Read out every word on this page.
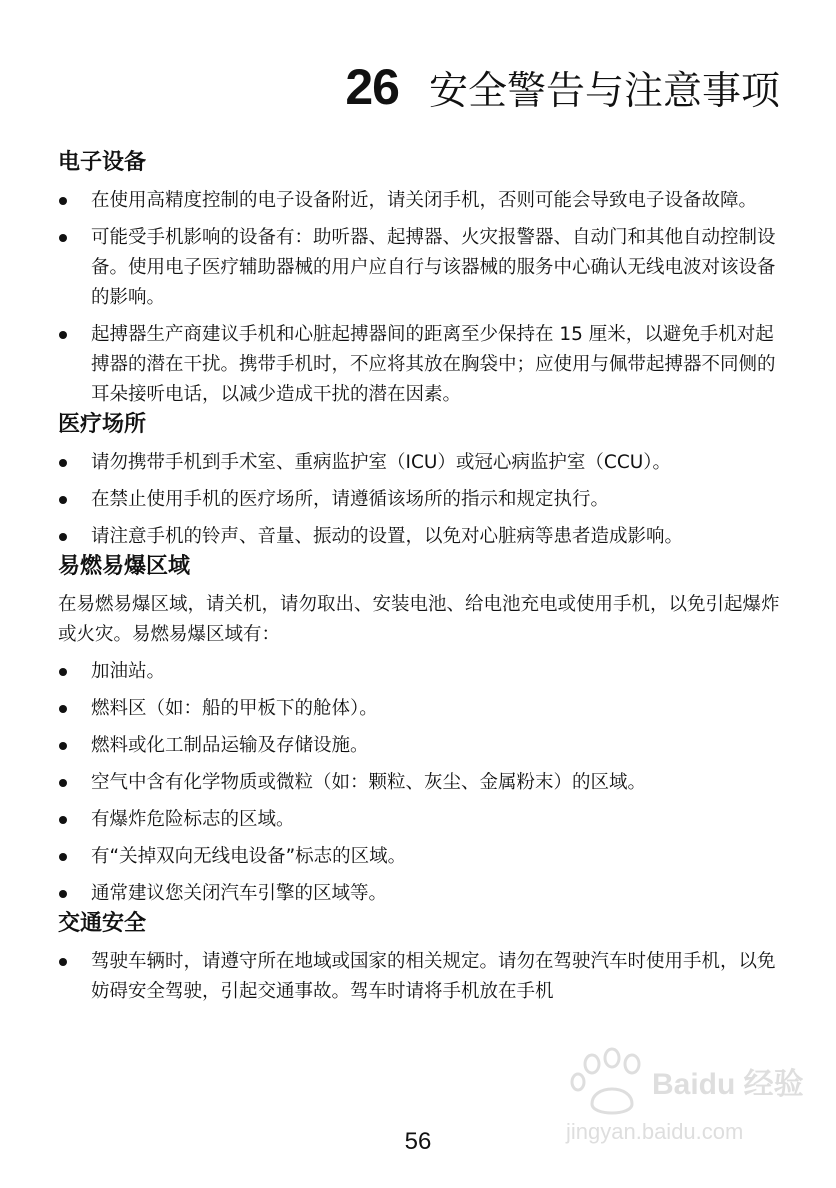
26 安全警告与注意事项
电子设备
在使用高精度控制的电子设备附近，请关闭手机，否则可能会导致电子设备故障。
可能受手机影响的设备有：助听器、起搏器、火灾报警器、自动门和其他自动控制设备。使用电子医疗辅助器械的用户应自行与该器械的服务中心确认无线电波对该设备的影响。
起搏器生产商建议手机和心脏起搏器间的距离至少保持在 15 厘米，以避免手机对起搏器的潜在干扰。携带手机时，不应将其放在胸袋中；应使用与佩带起搏器不同侧的耳朵接听电话，以减少造成干扰的潜在因素。
医疗场所
请勿携带手机到手术室、重病监护室（ICU）或冠心病监护室（CCU）。
在禁止使用手机的医疗场所，请遵循该场所的指示和规定执行。
请注意手机的铃声、音量、振动的设置，以免对心脏病等患者造成影响。
易燃易爆区域

在易燃易爆区域，请关机，请勿取出、安装电池、给电池充电或使用手机，以免引起爆炸或火灾。易燃易爆区域有：

加油站。
燃料区（如：船的甲板下的舱体）。
燃料或化工制品运输及存储设施。
空气中含有化学物质或微粒（如：颗粒、灰尘、金属粉末）的区域。
有爆炸危险标志的区域。
有“关掉双向无线电设备”标志的区域。
通常建议您关闭汽车引擎的区域等。
交通安全
驾驶车辆时，请遵守所在地域或国家的相关规定。请勿在驾驶汽车时使用手机，以免妨碍安全驾驶，引起交通事故。驾车时请将手机放在手机
56
Baidu 经验
jingyan.baidu.com
